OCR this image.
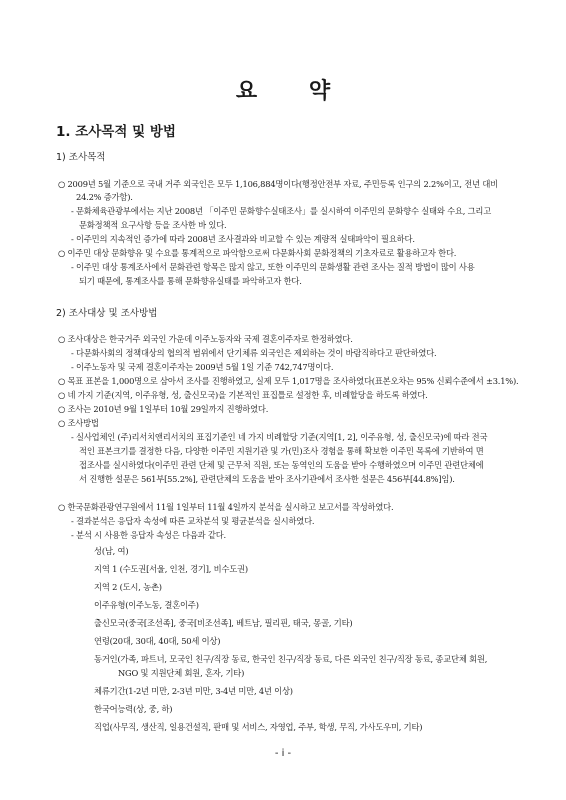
요 약
1. 조사목적 및 방법
1) 조사목적
○ 2009년 5월 기준으로 국내 거주 외국인은 모두 1,106,884명이다(행정안전부 자료, 주민등록 인구의 2.2%이고, 전년 대비
24.2% 증가함).
- 문화체육관광부에서는 지난 2008년 「이주민 문화향수실태조사」를 실시하여 이주민의 문화향수 실태와 수요, 그리고
문화정책적 요구사항 등을 조사한 바 있다.
- 이주민의 지속적인 증가에 따라 2008년 조사결과와 비교할 수 있는 계량적 실태파악이 필요하다.
○ 이주민 대상 문화향유 및 수요를 통계적으로 파악함으로써 다문화사회 문화정책의 기초자료로 활용하고자 한다.
- 이주민 대상 통계조사에서 문화관련 항목은 많지 않고, 또한 이주민의 문화생활 관련 조사는 질적 방법이 많이 사용
되기 때문에, 통계조사를 통해 문화향유실태를 파악하고자 한다.
2) 조사대상 및 조사방법
○ 조사대상은 한국거주 외국인 가운데 이주노동자와 국제 결혼이주자로 한정하였다.
- 다문화사회의 정책대상의 협의적 범위에서 단기체류 외국인은 제외하는 것이 바람직하다고 판단하였다.
- 이주노동자 및 국제 결혼이주자는 2009년 5월 1일 기준 742,747명이다.
○ 목표 표본을 1,000명으로 삼아서 조사를 진행하였고, 실제 모두 1,017명을 조사하였다(표본오차는 95% 신뢰수준에서 ±3.1%).
○ 네 가지 기준(지역, 이주유형, 성, 출신모국)을 기본적인 표집틀로 설정한 후, 비례할당을 하도록 하였다.
○ 조사는 2010년 9월 1일부터 10월 29일까지 진행하였다.
○ 조사방법
- 실사업체인 (주)리서치앤리서치의 표집기준인 네 가지 비례할당 기준(지역[1, 2], 이주유형, 성, 출신모국)에 따라 전국
적인 표본크기를 결정한 다음, 다양한 이주민 지원기관 및 가(민)조사 경험을 통해 확보한 이주민 목록에 기반하여 면
접조사를 실시하였다(이주민 관련 단체 및 근무처 직원, 또는 동역인의 도움을 받아 수행하였으며 이주민 관련단체에
서 진행한 설문은 561부[55.2%], 관련단체의 도움을 받아 조사기관에서 조사한 설문은 456부[44.8%]임).
○ 한국문화관광연구원에서 11월 1일부터 11월 4일까지 분석을 실시하고 보고서를 작성하였다.
- 결과분석은 응답자 속성에 따른 교차분석 및 평균분석을 실시하였다.
- 분석 시 사용한 응답자 속성은 다음과 같다.
성(남, 여)
지역 1 (수도권[서울, 인천, 경기], 비수도권)
지역 2 (도시, 농촌)
이주유형(이주노동, 결혼이주)
출신모국(중국[조선족], 중국[비조선족], 베트남, 필리핀, 태국, 몽골, 기타)
연령(20대, 30대, 40대, 50세 이상)
동거인(가족, 파트너, 모국인 친구/직장 동료, 한국인 친구/직장 동료, 다른 외국인 친구/직장 동료, 종교단체 회원,
NGO 및 지원단체 회원, 혼자, 기타)
체류기간(1-2년 미만, 2-3년 미만, 3-4년 미만, 4년 이상)
한국어능력(상, 중, 하)
직업(사무직, 생산직, 일용건설직, 판매 및 서비스, 자영업, 주부, 학생, 무직, 가사도우미, 기타)
- i -
